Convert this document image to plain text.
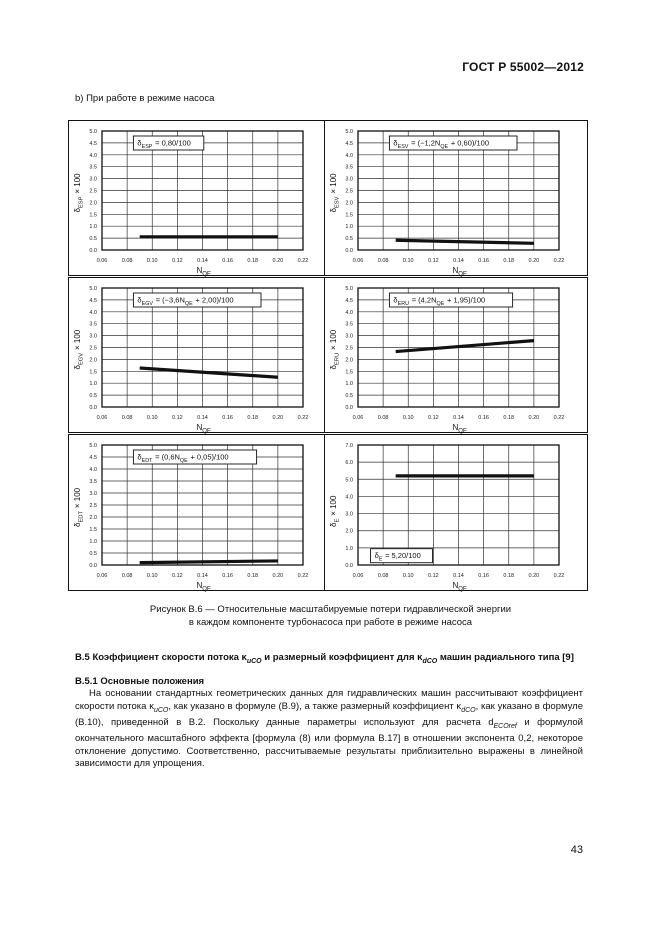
ГОСТ Р 55002—2012
b) При работе в режиме насоса
0.06	0.08	0.10	0.12	0.14	0.16	0.18	0.20	0.22
0.0
0.5
1.0
1.5
2.0
2.5
3.0
3.5
4.0
4.5
5.0
NQE
δESP  × 100
δESP  = 0,80/100
0.06	0.08	0.10	0.12	0.14	0.16	0.18	0.20	0.22
0.0
0.5
1.0
1.5
2.0
2.5
3.0
3.5
4.0
4.5
5.0
NQE
δESV  × 100
δESV  = (−1,2NQE  + 0,60)/100
0.06	0.08	0.10	0.12	0.14	0.16	0.18	0.20	0.22
0.0
0.5
1.0
1.5
2.0
2.5
3.0
3.5
4.0
4.5
5.0
NQE
δEGV  × 100
δEGV  = (−3,6NQE  + 2,00)/100
0.06	0.08	0.10	0.12	0.14	0.16	0.18	0.20	0.22
0.0
0.5
1.0
1.5
2.0
2.5
3.0
3.5
4.0
4.5
5.0
NQE
δERU  × 100
δERU  = (4,2NQE  + 1,95)/100
0.06	0.08	0.10	0.12	0.14	0.16	0.18	0.20	0.22
0.0
0.5
1.0
1.5
2.0
2.5
3.0
3.5
4.0
4.5
5.0
NQE
δEDT  × 100
δEDT  = (0,6NQE  + 0,05)/100
0.06	0.08	0.10	0.12	0.14	0.16	0.18	0.20	0.22
0.0
1.0
2.0
3.0
4.0
5.0
6.0
7.0
NQE
δE  × 100
δE  = 5,20/100
Рисунок В.6 — Относительные масштабируемые потери гидравлической энергии
в каждом компоненте турбонасоса при работе в режиме насоса
В.5 Коэффициент скорости потока $\kappa_{uCO}$ и размерный коэффициент для $\kappa_{dCO}$ машин радиального типа [9]
В.5.1 Основные положения
На основании стандартных геометрических данных для гидравлических машин рассчитывают коэффициент скорости потока $\kappa_{uCO}$, как указано в формуле (В.9), а также размерный коэффициент $\kappa_{dCO}$, как указано в формуле (В.10), приведенной в В.2. Поскольку данные параметры используют для расчета $d_{ECOref}$ и формулой окончательного масштабного эффекта [формула (8) или формула В.17] в отношении экспонента 0,2, некоторое отклонение допустимо. Соответственно, рассчитываемые результаты приблизительно выражены в линейной зависимости для упрощения.
43
